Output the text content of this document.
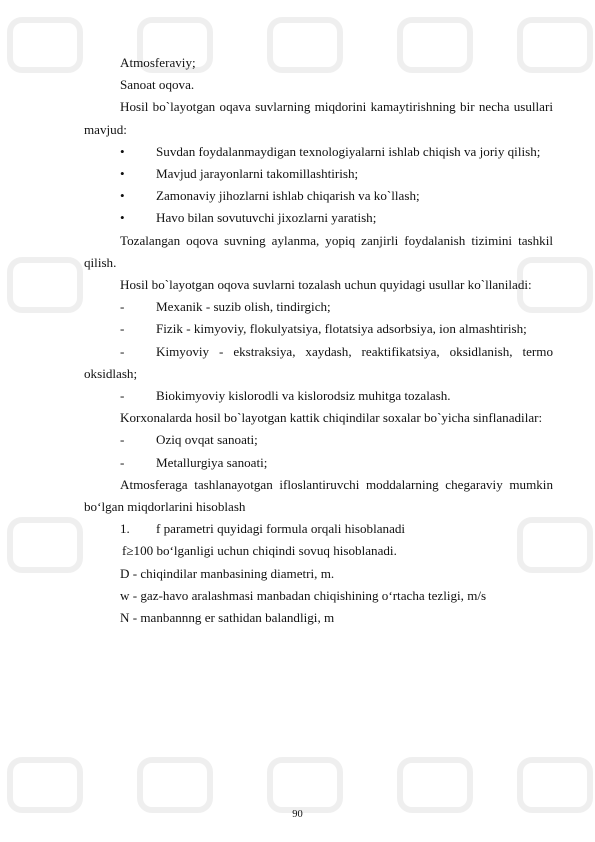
Atmosferaviy;

Sanoat oqova.

Hosil bo`layotgan oqava suvlarning miqdorini kamaytirishning bir necha usullari mavjud:

•	Suvdan foydalanmaydigan texnologiyalarni ishlab chiqish va joriy qilish;
•	Mavjud jarayonlarni takomillashtirish;
•	Zamonaviy jihozlarni ishlab chiqarish va ko`llash;
•	Havo bilan sovutuvchi jixozlarni yaratish;

Tozalangan oqova suvning aylanma, yopiq zanjirli foydalanish tizimini tashkil qilish.

Hosil bo`layotgan oqova suvlarni tozalash uchun quyidagi usullar ko`llaniladi:

-	Mexanik - suzib olish, tindirgich;
-	Fizik - kimyoviy, flokulyatsiya, flotatsiya adsorbsiya, ion almashtirish;
-	Kimyoviy - ekstraksiya, xaydash, reaktifikatsiya, oksidlanish, termo oksidlash;
-	Biokimyoviy kislorodli va kislorodsiz muhitga tozalash.

Korxonalarda hosil bo`layotgan kattik chiqindilar soxalar bo`yicha sinflanadilar:

-	Oziq ovqat sanoati;
-	Metallurgiya sanoati;

Atmosferaga tashlanayotgan ifloslantiruvchi moddalarning chegaraviy mumkin bo‘lgan miqdorlarini hisoblash

1.	f parametri quyidagi formula orqali hisoblanadi

f≥100 bo‘lganligi uchun chiqindi sovuq hisoblanadi.

D - chiqindilar manbasining diametri, m.

w - gaz-havo aralashmasi manbadan chiqishining o‘rtacha tezligi, m/s

N - manbannng er sathidan balandligi, m

90
